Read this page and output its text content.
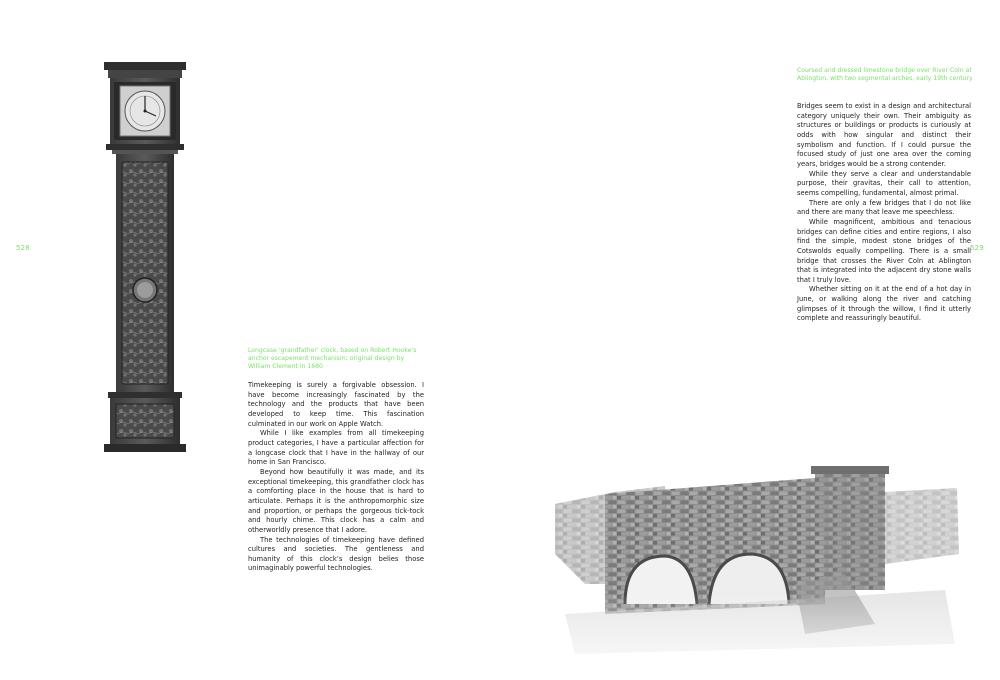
528
Longcase ‘grandfather’ clock, based on Robert Hooke’s anchor escapement mechanism; original design by William Clement in 1680

Timekeeping is surely a forgivable obsession. I have become increasingly fascinated by the technology and the products that have been developed to keep time. This fascination culminated in our work on Apple Watch.

While I like examples from all timekeeping product categories, I have a particular affection for a longcase clock that I have in the hallway of our home in San Francisco.

Beyond how beautifully it was made, and its exceptional timekeeping, this grandfather clock has a comforting place in the house that is hard to articulate. Perhaps it is the anthropomorphic size and proportion, or perhaps the gorgeous tick-tock and hourly chime. This clock has a calm and otherworldly presence that I adore.

The technologies of timekeeping have defined cultures and societies. The gentleness and humanity of this clock’s design belies those unimaginably powerful technologies.

529
Coursed and dressed limestone bridge over River Coln at Ablington, with two segmental arches, early 19th century

Bridges seem to exist in a design and architectural category uniquely their own. Their ambiguity as structures or buildings or products is curiously at odds with how singular and distinct their symbolism and function. If I could pursue the focused study of just one area over the coming years, bridges would be a strong contender.

While they serve a clear and understandable purpose, their gravitas, their call to attention, seems compelling, fundamental, almost primal.

There are only a few bridges that I do not like and there are many that leave me speechless.

While magnificent, ambitious and tenacious bridges can define cities and entire regions, I also find the simple, modest stone bridges of the Cotswolds equally compelling. There is a small bridge that crosses the River Coln at Ablington that is integrated into the adjacent dry stone walls that I truly love.

Whether sitting on it at the end of a hot day in June, or walking along the river and catching glimpses of it through the willow, I find it utterly complete and reassuringly beautiful.
